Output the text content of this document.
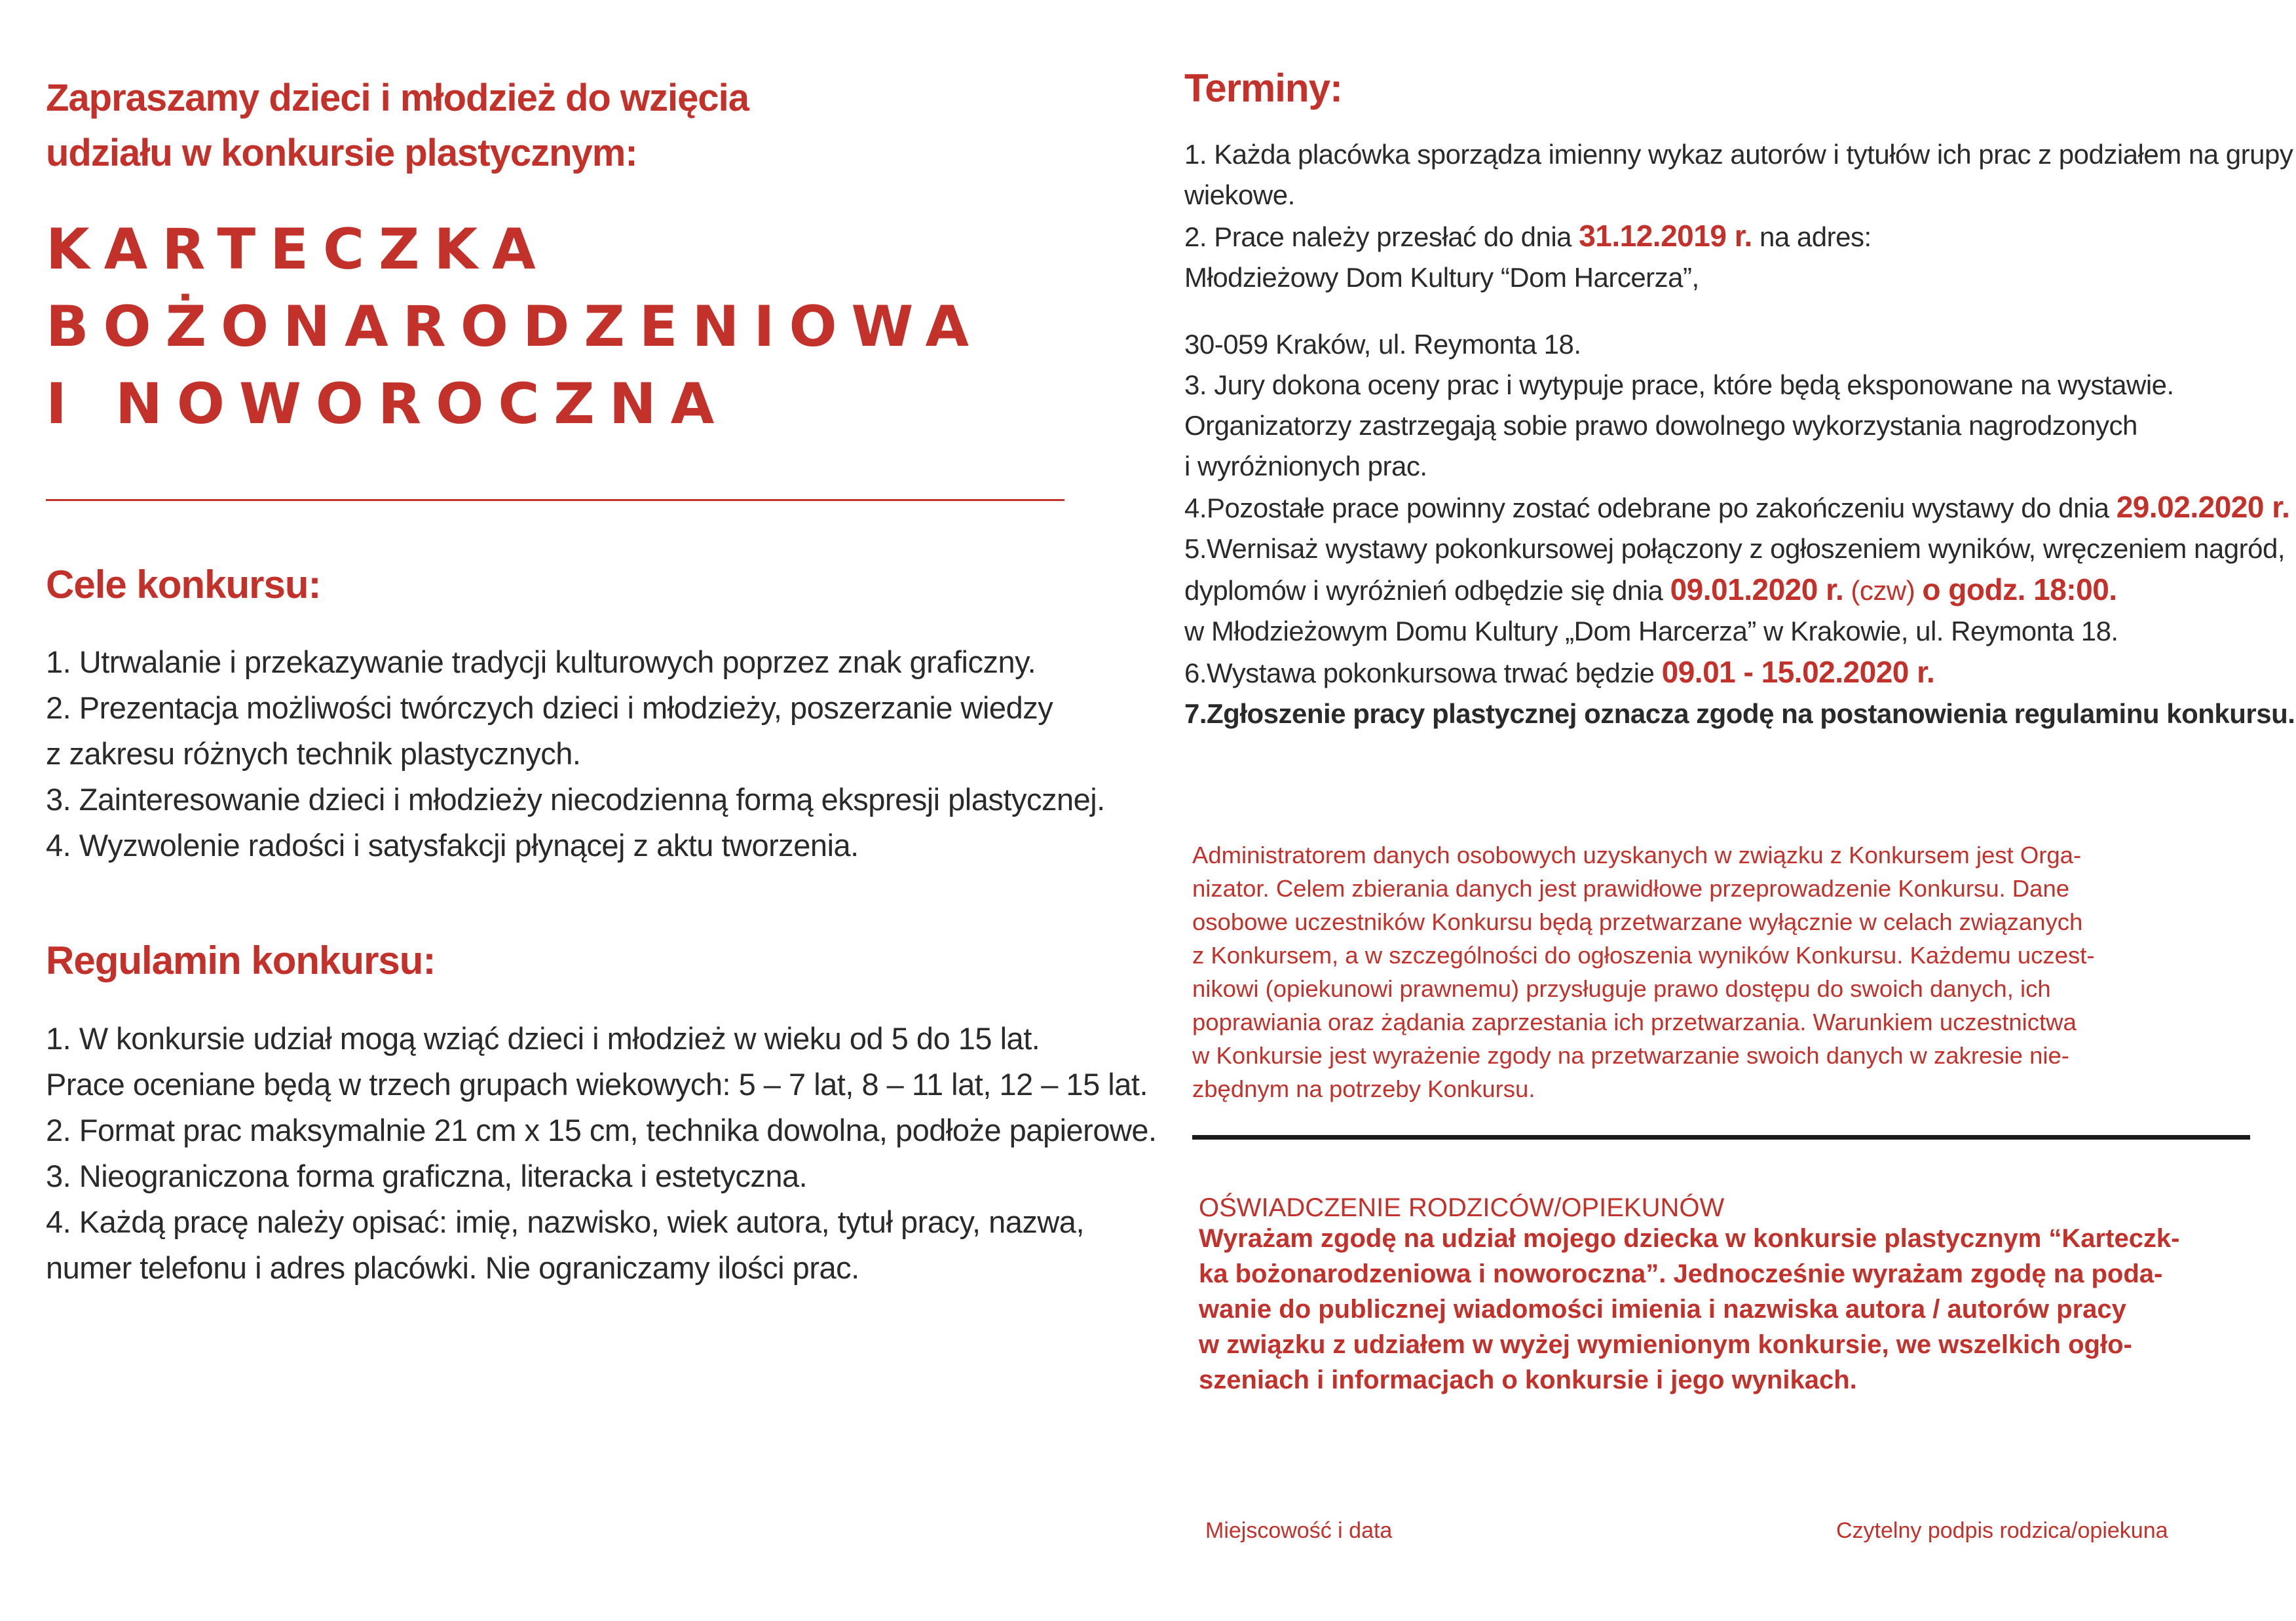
Zapraszamy dzieci i młodzież do wzięcia
udziału w konkursie plastycznym:
KARTECZKA
BOŻONARODZENIOWA
I NOWOROCZNA
Cele konkursu:
1. Utrwalanie i przekazywanie tradycji kulturowych poprzez znak graficzny.
2. Prezentacja możliwości twórczych dzieci i młodzieży, poszerzanie wiedzy
z zakresu różnych technik plastycznych.
3. Zainteresowanie dzieci i młodzieży niecodzienną formą ekspresji plastycznej.
4. Wyzwolenie radości i satysfakcji płynącej z aktu tworzenia.
Regulamin konkursu:
1. W konkursie udział mogą wziąć dzieci i młodzież w wieku od 5 do 15 lat.
Prace oceniane będą w trzech grupach wiekowych: 5 – 7 lat, 8 – 11 lat, 12 – 15 lat.
2. Format prac maksymalnie 21 cm x 15 cm, technika dowolna, podłoże papierowe.
3. Nieograniczona forma graficzna, literacka i estetyczna.
4. Każdą pracę należy opisać: imię, nazwisko, wiek autora, tytuł pracy, nazwa,
numer telefonu i adres placówki. Nie ograniczamy ilości prac.
Terminy:
1. Każda placówka sporządza imienny wykaz autorów i tytułów ich prac z podziałem na grupy
wiekowe.
2. Prace należy przesłać do dnia 31.12.2019 r. na adres:
Młodzieżowy Dom Kultury “Dom Harcerza”,
30-059 Kraków, ul. Reymonta 18.
3. Jury dokona oceny prac i wytypuje prace, które będą eksponowane na wystawie.
Organizatorzy zastrzegają sobie prawo dowolnego wykorzystania nagrodzonych
i wyróżnionych prac.
4.Pozostałe prace powinny zostać odebrane po zakończeniu wystawy do dnia 29.02.2020 r.
5.Wernisaż wystawy pokonkursowej połączony z ogłoszeniem wyników, wręczeniem nagród,
dyplomów i wyróżnień odbędzie się dnia 09.01.2020 r. (czw) o godz. 18:00.
w Młodzieżowym Domu Kultury „Dom Harcerza” w Krakowie, ul. Reymonta 18.
6.Wystawa pokonkursowa trwać będzie 09.01 - 15.02.2020 r.
7.Zgłoszenie pracy plastycznej oznacza zgodę na postanowienia regulaminu konkursu.
Administratorem danych osobowych uzyskanych w związku z Konkursem jest Orga-
nizator. Celem zbierania danych jest prawidłowe przeprowadzenie Konkursu. Dane
osobowe uczestników Konkursu będą przetwarzane wyłącznie w celach związanych
z Konkursem, a w szczególności do ogłoszenia wyników Konkursu. Każdemu uczest-
nikowi (opiekunowi prawnemu) przysługuje prawo dostępu do swoich danych, ich
poprawiania oraz żądania zaprzestania ich przetwarzania. Warunkiem uczestnictwa
w Konkursie jest wyrażenie zgody na przetwarzanie swoich danych w zakresie nie-
zbędnym na potrzeby Konkursu.
OŚWIADCZENIE RODZICÓW/OPIEKUNÓW
Wyrażam zgodę na udział mojego dziecka w konkursie plastycznym “Karteczk-
ka bożonarodzeniowa i noworoczna”. Jednocześnie wyrażam zgodę na poda-
wanie do publicznej wiadomości imienia i nazwiska autora / autorów pracy
w związku z udziałem w wyżej wymienionym konkursie, we wszelkich ogło-
szeniach i informacjach o konkursie i jego wynikach.
Miejscowość i data	Czytelny podpis rodzica/opiekuna
